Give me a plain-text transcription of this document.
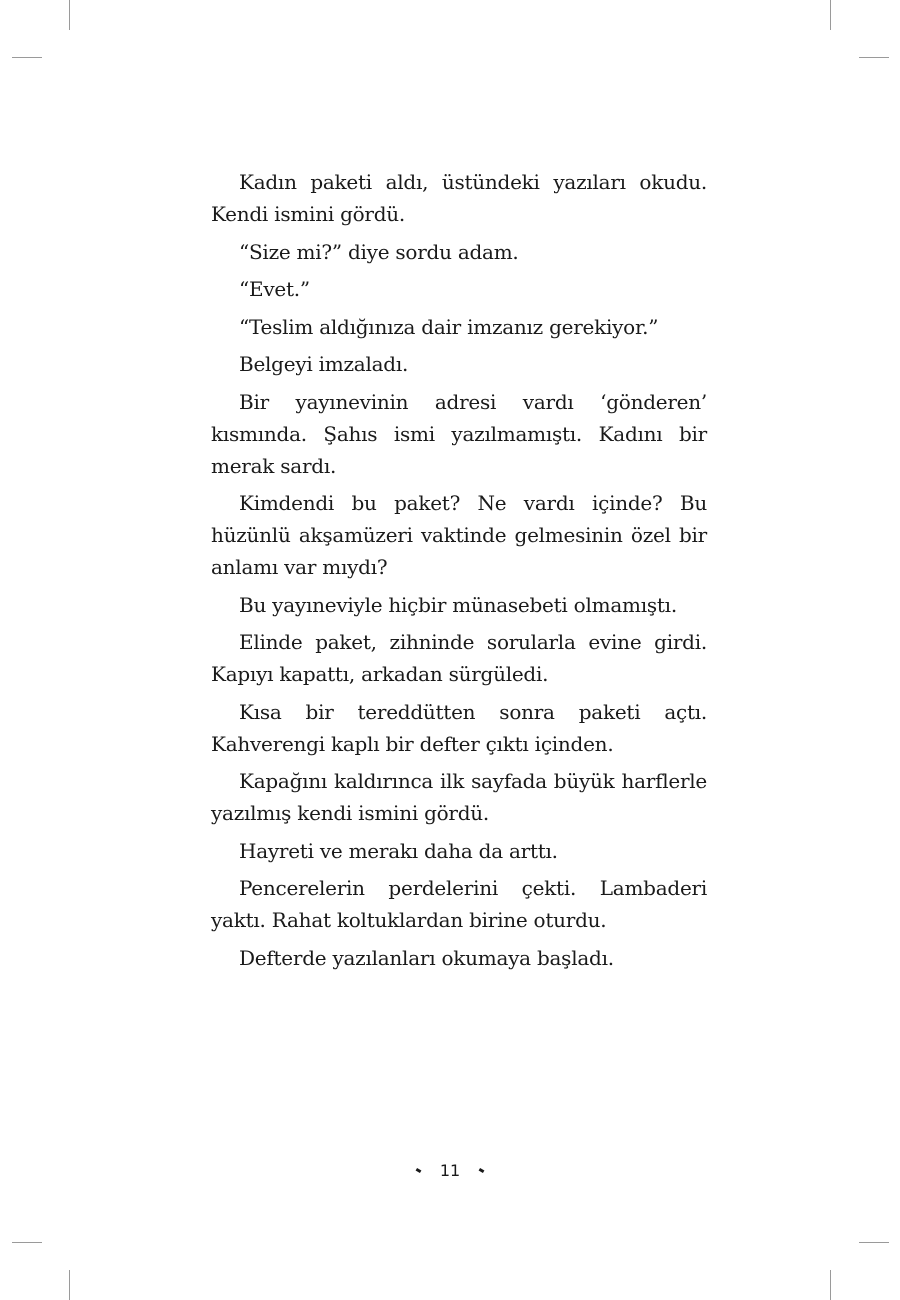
Kadın paketi aldı, üstündeki yazıları okudu. Kendi ismini gördü.

“Size mi?” diye sordu adam.

“Evet.”

“Teslim aldığınıza dair imzanız gerekiyor.”

Belgeyi imzaladı.

Bir yayınevinin adresi vardı ‘gönderen’ kısmında. Şahıs ismi yazılmamıştı. Kadını bir merak sardı.

Kimdendi bu paket? Ne vardı içinde? Bu hüzünlü akşamüzeri vaktinde gelmesinin özel bir anlamı var mıydı?

Bu yayıneviyle hiçbir münasebeti olmamıştı.

Elinde paket, zihninde sorularla evine girdi. Kapıyı kapattı, arkadan sürgüledi.

Kısa bir tereddütten sonra paketi açtı. Kahverengi kaplı bir defter çıktı içinden.

Kapağını kaldırınca ilk sayfada büyük harflerle yazılmış kendi ismini gördü.

Hayreti ve merakı daha da arttı.

Pencerelerin perdelerini çekti. Lambaderi yaktı. Rahat koltuklardan birine oturdu.

Defterde yazılanları okumaya başladı.

11
